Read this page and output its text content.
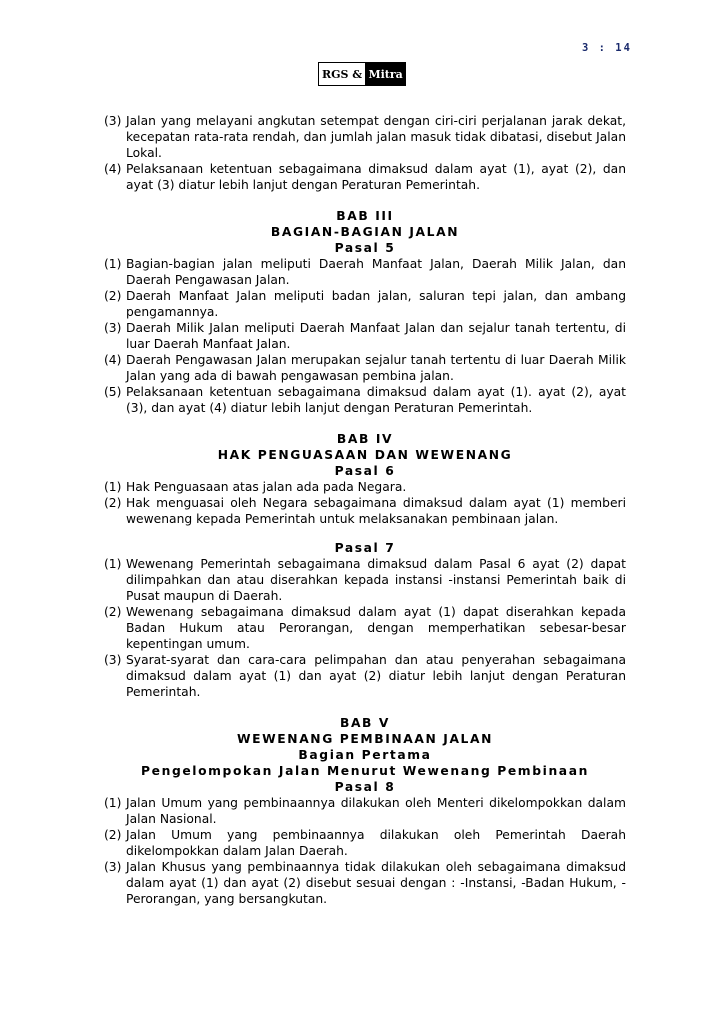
3 : 14
RGS & Mitra
(3) Jalan yang melayani angkutan setempat dengan ciri-ciri perjalanan jarak dekat, kecepatan rata-rata rendah, dan jumlah jalan masuk tidak dibatasi, disebut Jalan Lokal.
(4) Pelaksanaan ketentuan sebagaimana dimaksud dalam ayat (1), ayat (2), dan ayat (3) diatur lebih lanjut dengan Peraturan Pemerintah.
BAB III
BAGIAN-BAGIAN JALAN
Pasal 5
(1) Bagian-bagian jalan meliputi Daerah Manfaat Jalan, Daerah Milik Jalan, dan Daerah Pengawasan Jalan.
(2) Daerah Manfaat Jalan meliputi badan jalan, saluran tepi jalan, dan ambang pengamannya.
(3) Daerah Milik Jalan meliputi Daerah Manfaat Jalan dan sejalur tanah tertentu, di luar Daerah Manfaat Jalan.
(4) Daerah Pengawasan Jalan merupakan sejalur tanah tertentu di luar Daerah Milik Jalan yang ada di bawah pengawasan pembina jalan.
(5) Pelaksanaan ketentuan sebagaimana dimaksud dalam ayat (1). ayat (2), ayat (3), dan ayat (4) diatur lebih lanjut dengan Peraturan Pemerintah.
BAB IV
HAK PENGUASAAN DAN WEWENANG
Pasal 6
(1) Hak Penguasaan atas jalan ada pada Negara.
(2) Hak menguasai oleh Negara sebagaimana dimaksud dalam ayat (1) memberi wewenang kepada Pemerintah untuk melaksanakan pembinaan jalan.
Pasal 7
(1) Wewenang Pemerintah sebagaimana dimaksud dalam Pasal 6 ayat (2) dapat dilimpahkan dan atau diserahkan kepada instansi -instansi Pemerintah baik di Pusat maupun di Daerah.
(2) Wewenang sebagaimana dimaksud dalam ayat (1) dapat diserahkan kepada Badan Hukum atau Perorangan, dengan memperhatikan sebesar-besar kepentingan umum.
(3) Syarat-syarat dan cara-cara pelimpahan dan atau penyerahan sebagaimana dimaksud dalam ayat (1) dan ayat (2) diatur lebih lanjut dengan Peraturan Pemerintah.
BAB V
WEWENANG PEMBINAAN JALAN
Bagian Pertama
Pengelompokan Jalan Menurut Wewenang Pembinaan
Pasal 8
(1) Jalan Umum yang pembinaannya dilakukan oleh Menteri dikelompokkan dalam Jalan Nasional.
(2) Jalan Umum yang pembinaannya dilakukan oleh Pemerintah Daerah dikelompokkan dalam Jalan Daerah.
(3) Jalan Khusus yang pembinaannya tidak dilakukan oleh sebagaimana dimaksud dalam ayat (1) dan ayat (2) disebut sesuai dengan : -Instansi, -Badan Hukum, -Perorangan, yang bersangkutan.
